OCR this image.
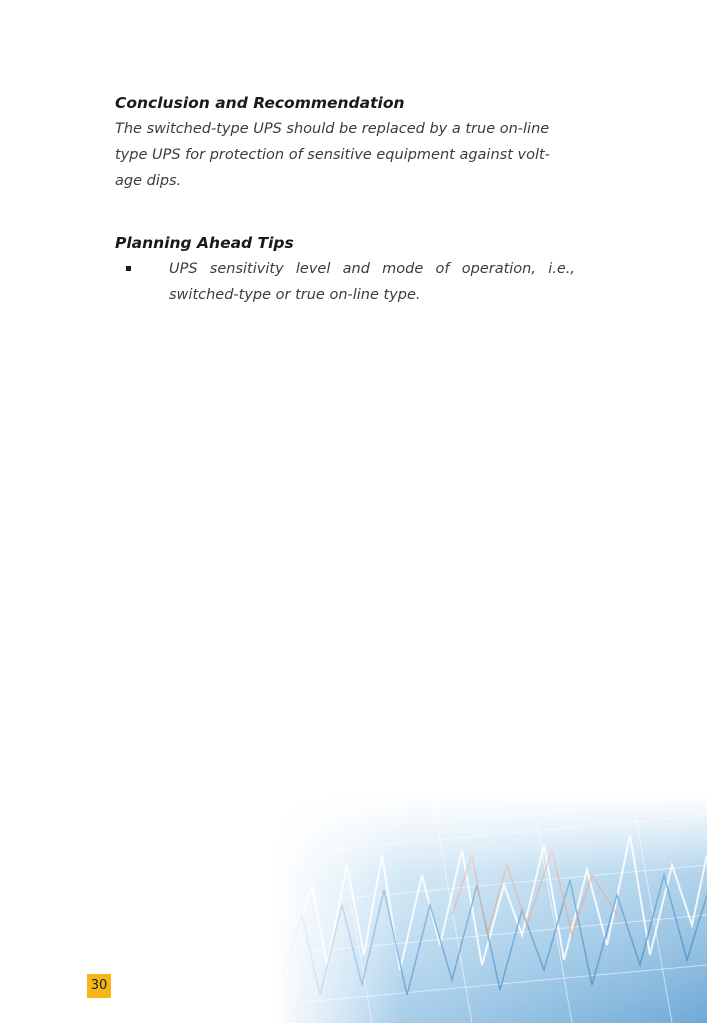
Conclusion and Recommendation

The switched-type UPS should be replaced by a true on-line
type UPS for protection of sensitive equipment against volt-
age dips.

Planning Ahead Tips
UPS sensitivity level and mode of operation, i.e., switched-type or true on-line type.
30
